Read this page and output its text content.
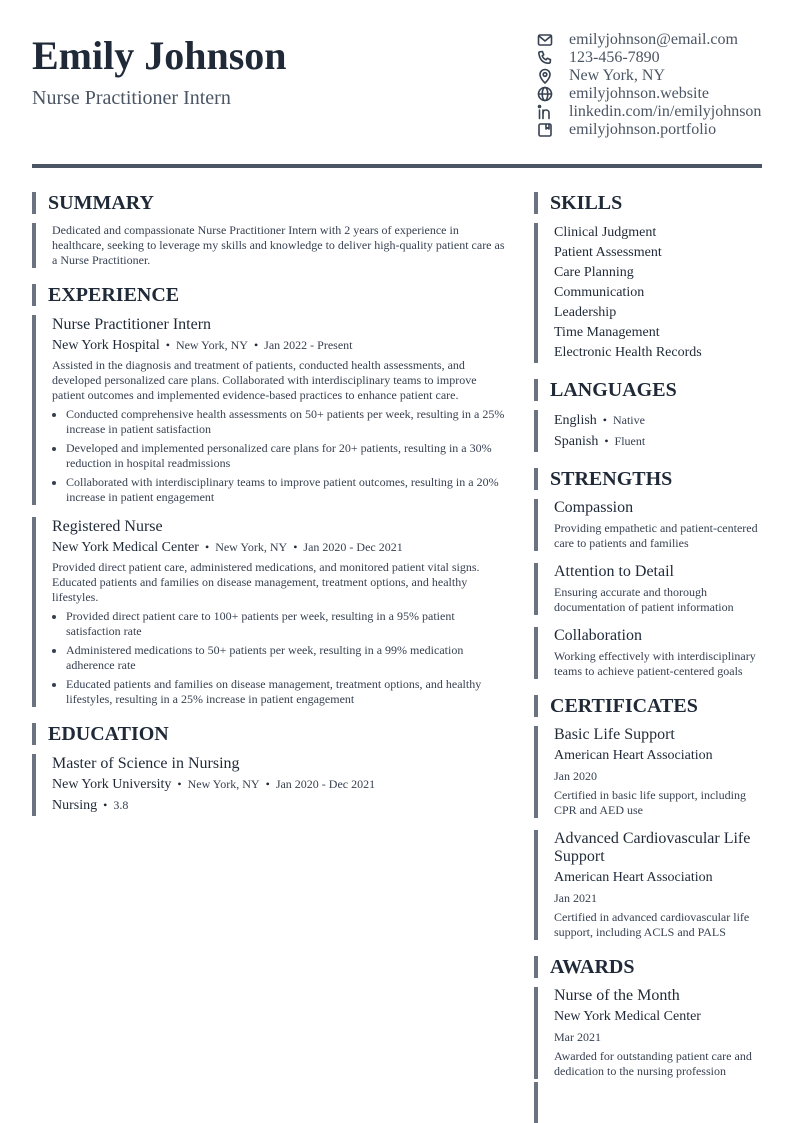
Emily Johnson
Nurse Practitioner Intern
emilyjohnson@email.com
123-456-7890
New York, NY
emilyjohnson.website
linkedin.com/in/emilyjohnson
emilyjohnson.portfolio
SUMMARY
Dedicated and compassionate Nurse Practitioner Intern with 2 years of experience in healthcare, seeking to leverage my skills and knowledge to deliver high-quality patient care as a Nurse Practitioner.
EXPERIENCE
Nurse Practitioner Intern
New York Hospital • New York, NY • Jan 2022 - Present
Assisted in the diagnosis and treatment of patients, conducted health assessments, and developed personalized care plans. Collaborated with interdisciplinary teams to improve patient outcomes and implemented evidence-based practices to enhance patient care.
• Conducted comprehensive health assessments on 50+ patients per week, resulting in a 25% increase in patient satisfaction
• Developed and implemented personalized care plans for 20+ patients, resulting in a 30% reduction in hospital readmissions
• Collaborated with interdisciplinary teams to improve patient outcomes, resulting in a 20% increase in patient engagement
Registered Nurse
New York Medical Center • New York, NY • Jan 2020 - Dec 2021
Provided direct patient care, administered medications, and monitored patient vital signs. Educated patients and families on disease management, treatment options, and healthy lifestyles.
• Provided direct patient care to 100+ patients per week, resulting in a 95% patient satisfaction rate
• Administered medications to 50+ patients per week, resulting in a 99% medication adherence rate
• Educated patients and families on disease management, treatment options, and healthy lifestyles, resulting in a 25% increase in patient engagement
EDUCATION
Master of Science in Nursing
New York University • New York, NY • Jan 2020 - Dec 2021
Nursing • 3.8
SKILLS
Clinical Judgment
Patient Assessment
Care Planning
Communication
Leadership
Time Management
Electronic Health Records
LANGUAGES
English • Native
Spanish • Fluent
STRENGTHS
Compassion
Providing empathetic and patient-centered care to patients and families
Attention to Detail
Ensuring accurate and thorough documentation of patient information
Collaboration
Working effectively with interdisciplinary teams to achieve patient-centered goals
CERTIFICATES
Basic Life Support
American Heart Association
Jan 2020
Certified in basic life support, including CPR and AED use
Advanced Cardiovascular Life Support
American Heart Association
Jan 2021
Certified in advanced cardiovascular life support, including ACLS and PALS
AWARDS
Nurse of the Month
New York Medical Center
Mar 2021
Awarded for outstanding patient care and dedication to the nursing profession
